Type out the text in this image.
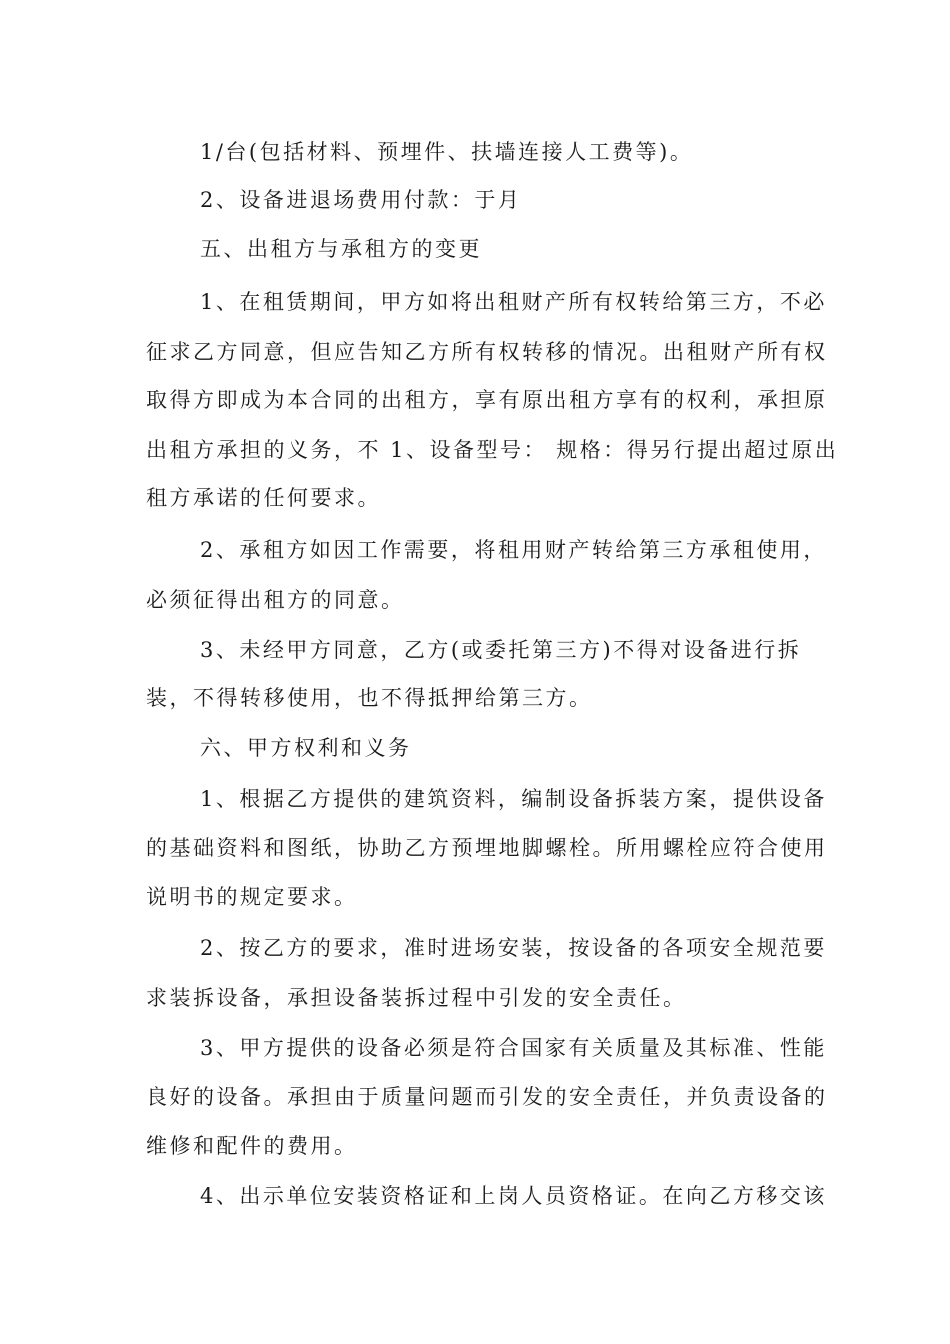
1/台(包括材料、预埋件、扶墙连接人工费等)。
2、设备进退场费用付款：于月
五、出租方与承租方的变更
1、在租赁期间，甲方如将出租财产所有权转给第三方，不必
征求乙方同意，但应告知乙方所有权转移的情况。出租财产所有权
取得方即成为本合同的出租方，享有原出租方享有的权利，承担原
出租方承担的义务，不 1、设备型号： 规格：得另行提出超过原出
租方承诺的任何要求。
2、承租方如因工作需要，将租用财产转给第三方承租使用，
必须征得出租方的同意。
3、未经甲方同意，乙方(或委托第三方)不得对设备进行拆
装，不得转移使用，也不得抵押给第三方。
六、甲方权利和义务
1、根据乙方提供的建筑资料，编制设备拆装方案，提供设备
的基础资料和图纸，协助乙方预埋地脚螺栓。所用螺栓应符合使用
说明书的规定要求。
2、按乙方的要求，准时进场安装，按设备的各项安全规范要
求装拆设备，承担设备装拆过程中引发的安全责任。
3、甲方提供的设备必须是符合国家有关质量及其标准、性能
良好的设备。承担由于质量问题而引发的安全责任，并负责设备的
维修和配件的费用。
4、出示单位安装资格证和上岗人员资格证。在向乙方移交该
